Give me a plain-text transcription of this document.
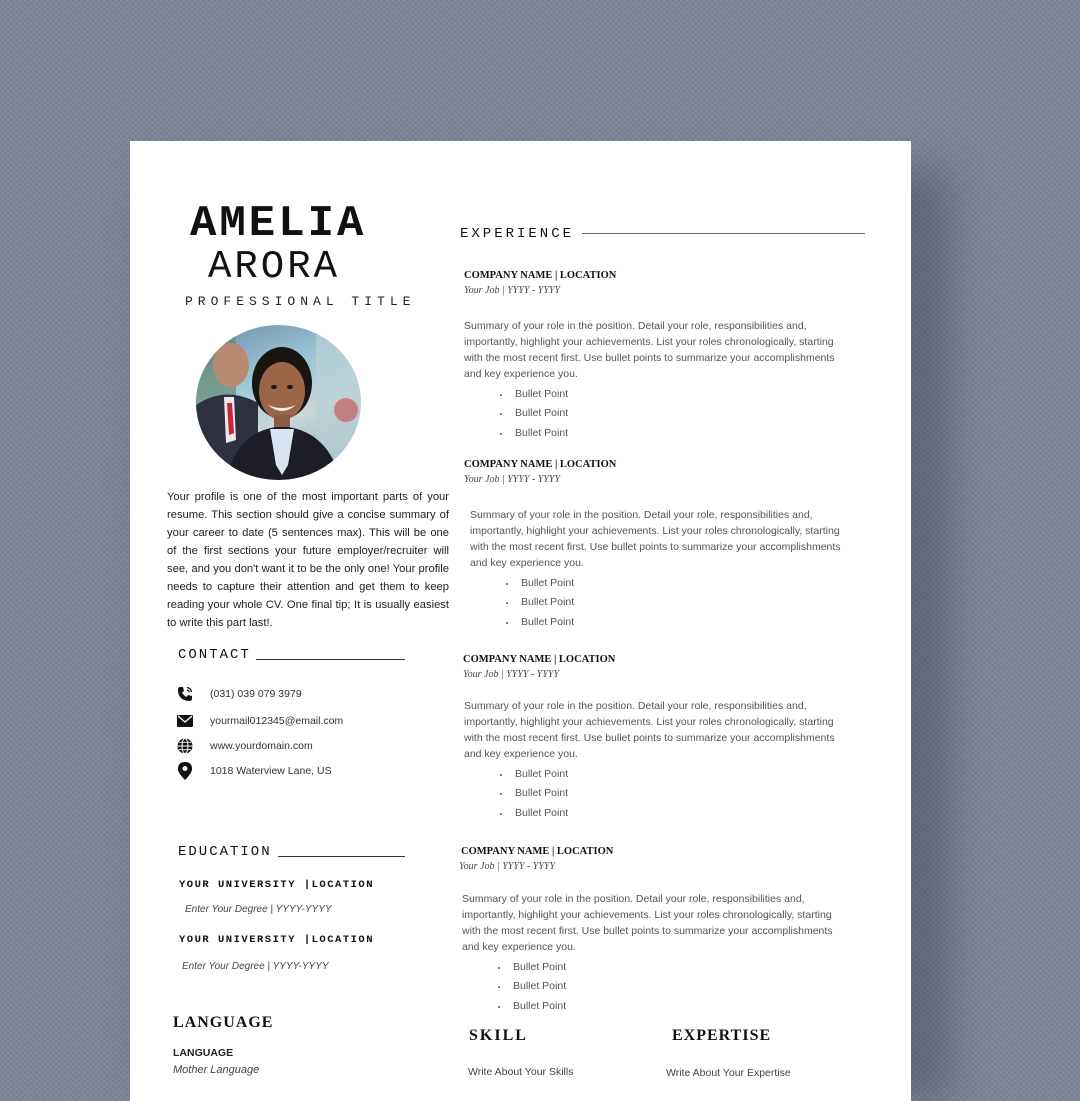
AMELIA
ARORA
PROFESSIONAL TITLE
Your profile is one of the most important parts of your resume. This section should give a concise summary of your career to date (5 sentences max). This will be one of the first sections your future employer/recruiter will see, and you don't want it to be the only one! Your profile needs to capture their attention and get them to keep reading your whole CV. One final tip; It is usually easiest to write this part last!.
CONTACT
(031) 039 079 3979
yourmail012345@email.com
www.yourdomain.com
1018 Waterview Lane, US
EDUCATION
YOUR UNIVERSITY |LOCATION
Enter Your Degree | YYYY-YYYY
YOUR UNIVERSITY |LOCATION
Enter Your Degree | YYYY-YYYY
LANGUAGE
LANGUAGE
Mother Language
EXPERIENCE
COMPANY NAME | LOCATION
Your Job | YYYY - YYYY
Summary of your role in the position. Detail your role, responsibilities and, importantly, highlight your achievements. List your roles chronologically, starting with the most recent first. Use bullet points to summarize your accomplishments and key experience you.
• Bullet Point
• Bullet Point
• Bullet Point
COMPANY NAME | LOCATION
Your Job | YYYY - YYYY
Summary of your role in the position. Detail your role, responsibilities and, importantly, highlight your achievements. List your roles chronologically, starting with the most recent first. Use bullet points to summarize your accomplishments and key experience you.
• Bullet Point
• Bullet Point
• Bullet Point
COMPANY NAME | LOCATION
Your Job | YYYY - YYYY
Summary of your role in the position. Detail your role, responsibilities and, importantly, highlight your achievements. List your roles chronologically, starting with the most recent first. Use bullet points to summarize your accomplishments and key experience you.
• Bullet Point
• Bullet Point
• Bullet Point
COMPANY NAME | LOCATION
Your Job | YYYY - YYYY
Summary of your role in the position. Detail your role, responsibilities and, importantly, highlight your achievements. List your roles chronologically, starting with the most recent first. Use bullet points to summarize your accomplishments and key experience you.
• Bullet Point
• Bullet Point
• Bullet Point
SKILL
Write About Your Skills
EXPERTISE
Write About Your Expertise
